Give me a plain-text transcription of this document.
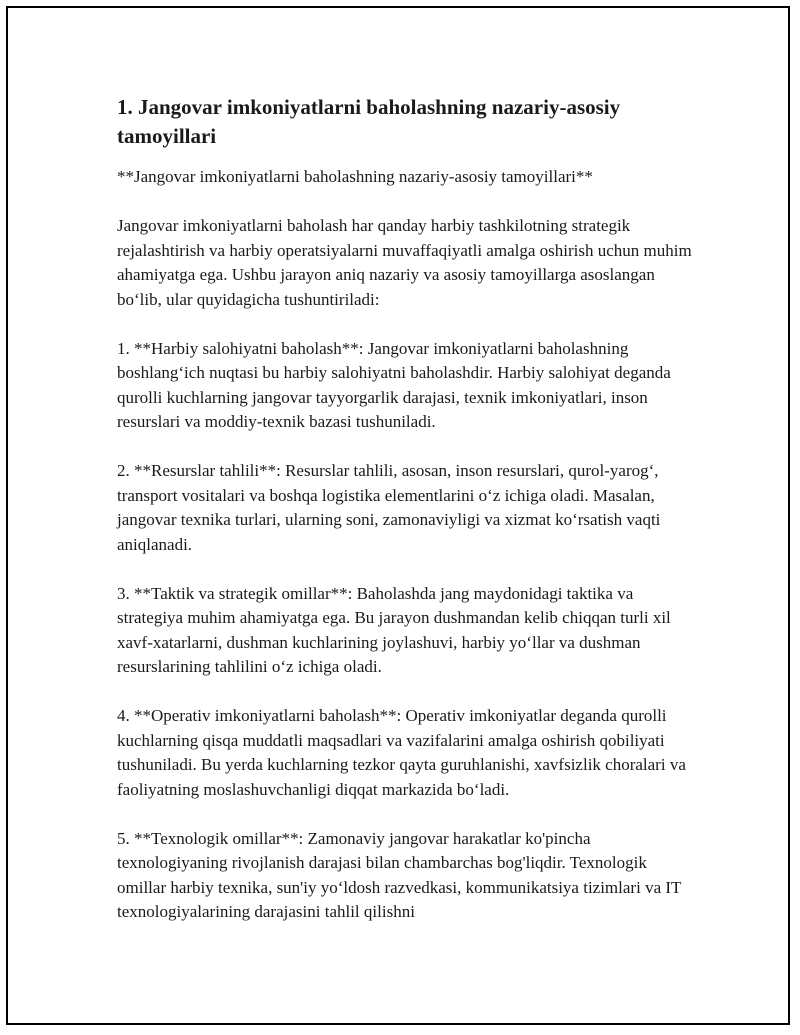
1. Jangovar imkoniyatlarni baholashning nazariy-asosiy tamoyillari

**Jangovar imkoniyatlarni baholashning nazariy-asosiy tamoyillari**

Jangovar imkoniyatlarni baholash har qanday harbiy tashkilotning strategik rejalashtirish va harbiy operatsiyalarni muvaffaqiyatli amalga oshirish uchun muhim ahamiyatga ega. Ushbu jarayon aniq nazariy va asosiy tamoyillarga asoslangan bo‘lib, ular quyidagicha tushuntiriladi:

1. **Harbiy salohiyatni baholash**: Jangovar imkoniyatlarni baholashning boshlang‘ich nuqtasi bu harbiy salohiyatni baholashdir. Harbiy salohiyat deganda qurolli kuchlarning jangovar tayyorgarlik darajasi, texnik imkoniyatlari, inson resurslari va moddiy-texnik bazasi tushuniladi.

2. **Resurslar tahlili**: Resurslar tahlili, asosan, inson resurslari, qurol-yarog‘, transport vositalari va boshqa logistika elementlarini o‘z ichiga oladi. Masalan, jangovar texnika turlari, ularning soni, zamonaviyligi va xizmat ko‘rsatish vaqti aniqlanadi.

3. **Taktik va strategik omillar**: Baholashda jang maydonidagi taktika va strategiya muhim ahamiyatga ega. Bu jarayon dushmandan kelib chiqqan turli xil xavf-xatarlarni, dushman kuchlarining joylashuvi, harbiy yo‘llar va dushman resurslarining tahlilini o‘z ichiga oladi.

4. **Operativ imkoniyatlarni baholash**: Operativ imkoniyatlar deganda qurolli kuchlarning qisqa muddatli maqsadlari va vazifalarini amalga oshirish qobiliyati tushuniladi. Bu yerda kuchlarning tezkor qayta guruhlanishi, xavfsizlik choralari va faoliyatning moslashuvchanligi diqqat markazida bo‘ladi.

5. **Texnologik omillar**: Zamonaviy jangovar harakatlar ko'pincha texnologiyaning rivojlanish darajasi bilan chambarchas bog'liqdir. Texnologik omillar harbiy texnika, sun'iy yo‘ldosh razvedkasi, kommunikatsiya tizimlari va IT texnologiyalarining darajasini tahlil qilishni
